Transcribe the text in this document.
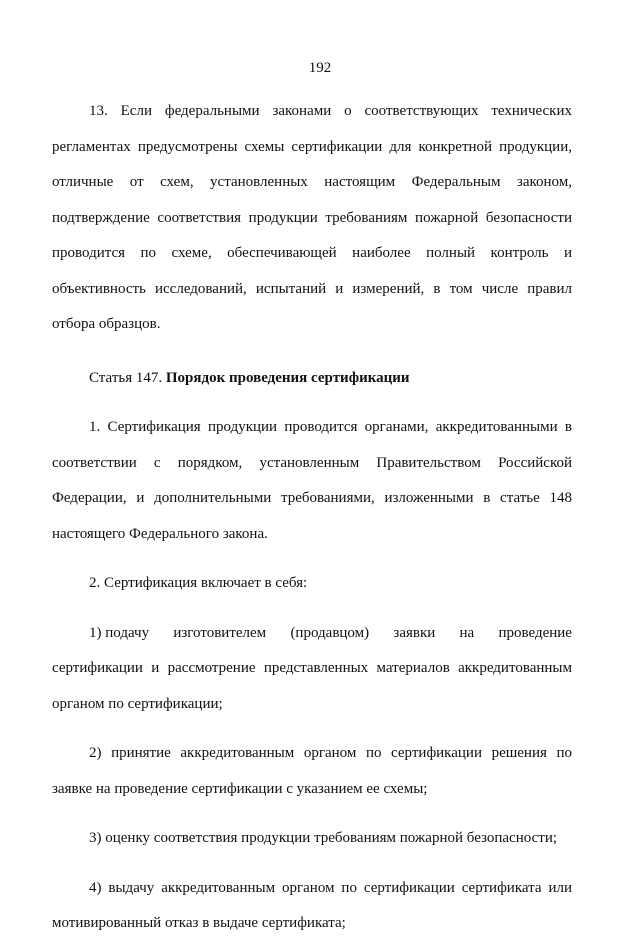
192

13. Если федеральными законами о соответствующих технических регламентах предусмотрены схемы сертификации для конкретной продукции, отличные от схем, установленных настоящим Федеральным законом, подтверждение соответствия продукции требованиям пожарной безопасности проводится по схеме, обеспечивающей наиболее полный контроль и объективность исследований, испытаний и измерений, в том числе правил отбора образцов.

Статья 147. Порядок проведения сертификации

1. Сертификация продукции проводится органами, аккредитованными в соответствии с порядком, установленным Правительством Российской Федерации, и дополнительными требованиями, изложенными в статье 148 настоящего Федерального закона.

2. Сертификация включает в себя:

1) подачу изготовителем (продавцом) заявки на проведение
сертификации и рассмотрение представленных материалов аккредитованным органом по сертификации;

2) принятие аккредитованным органом по сертификации решения по заявке на проведение сертификации с указанием ее схемы;

3) оценку соответствия продукции требованиям пожарной безопасности;

4) выдачу аккредитованным органом по сертификации сертификата или мотивированный отказ в выдаче сертификата;
